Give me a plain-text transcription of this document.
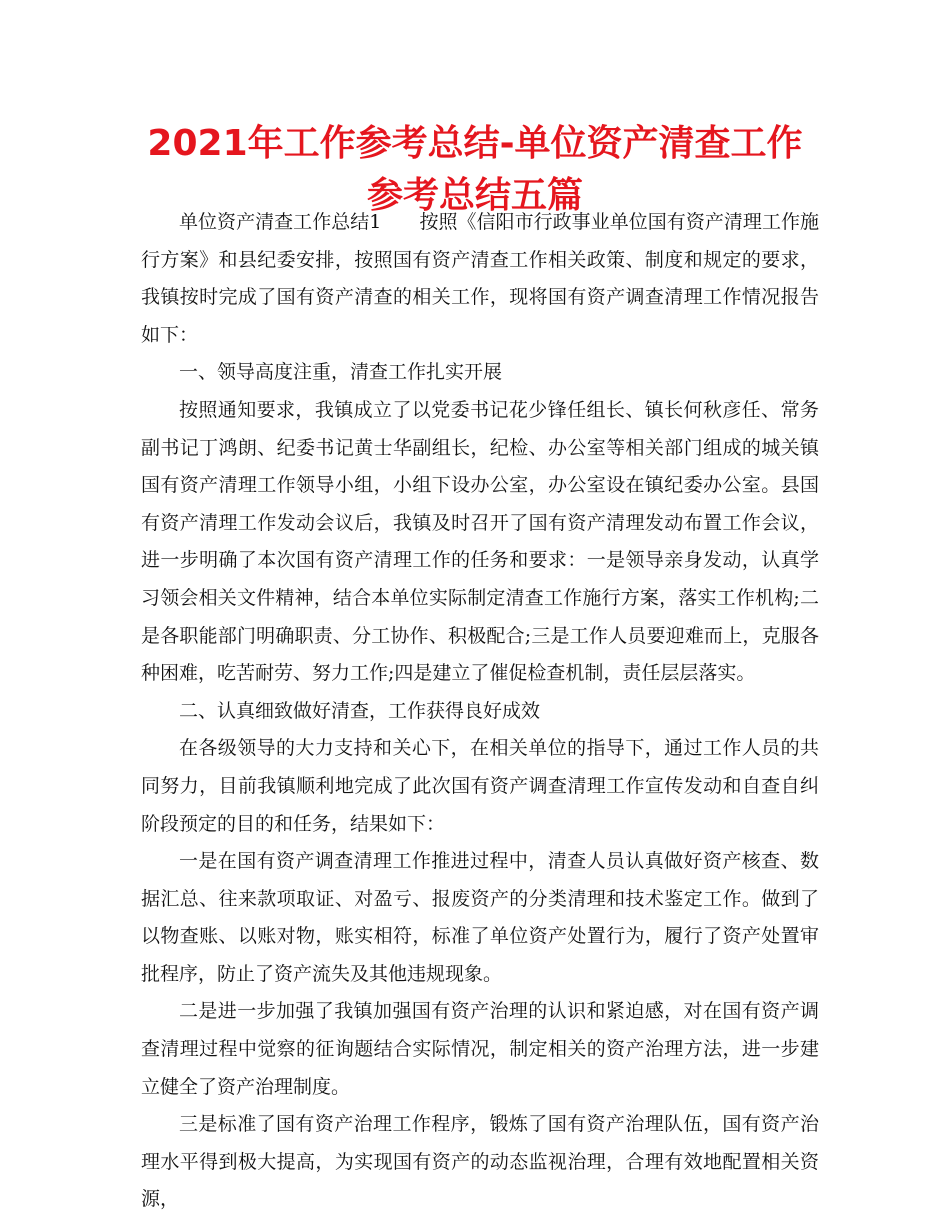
2021年工作参考总结-单位资产清查工作参考总结五篇

单位资产清查工作总结1　　按照《信阳市行政事业单位国有资产清理工作施行方案》和县纪委安排，按照国有资产清查工作相关政策、制度和规定的要求，我镇按时完成了国有资产清查的相关工作，现将国有资产调查清理工作情况报告如下：

一、领导高度注重，清查工作扎实开展

按照通知要求，我镇成立了以党委书记花少锋任组长、镇长何秋彦任、常务副书记丁鸿朗、纪委书记黄士华副组长，纪检、办公室等相关部门组成的城关镇国有资产清理工作领导小组，小组下设办公室，办公室设在镇纪委办公室。县国有资产清理工作发动会议后，我镇及时召开了国有资产清理发动布置工作会议，进一步明确了本次国有资产清理工作的任务和要求：一是领导亲身发动，认真学习领会相关文件精神，结合本单位实际制定清查工作施行方案，落实工作机构;二是各职能部门明确职责、分工协作、积极配合;三是工作人员要迎难而上，克服各种困难，吃苦耐劳、努力工作;四是建立了催促检查机制，责任层层落实。

二、认真细致做好清查，工作获得良好成效

在各级领导的大力支持和关心下，在相关单位的指导下，通过工作人员的共同努力，目前我镇顺利地完成了此次国有资产调查清理工作宣传发动和自查自纠阶段预定的目的和任务，结果如下：

一是在国有资产调查清理工作推进过程中，清查人员认真做好资产核查、数据汇总、往来款项取证、对盈亏、报废资产的分类清理和技术鉴定工作。做到了以物查账、以账对物，账实相符，标准了单位资产处置行为，履行了资产处置审批程序，防止了资产流失及其他违规现象。

二是进一步加强了我镇加强国有资产治理的认识和紧迫感，对在国有资产调查清理过程中觉察的征询题结合实际情况，制定相关的资产治理方法，进一步建立健全了资产治理制度。

三是标准了国有资产治理工作程序，锻炼了国有资产治理队伍，国有资产治理水平得到极大提高，为实现国有资产的动态监视治理，合理有效地配置相关资源，
